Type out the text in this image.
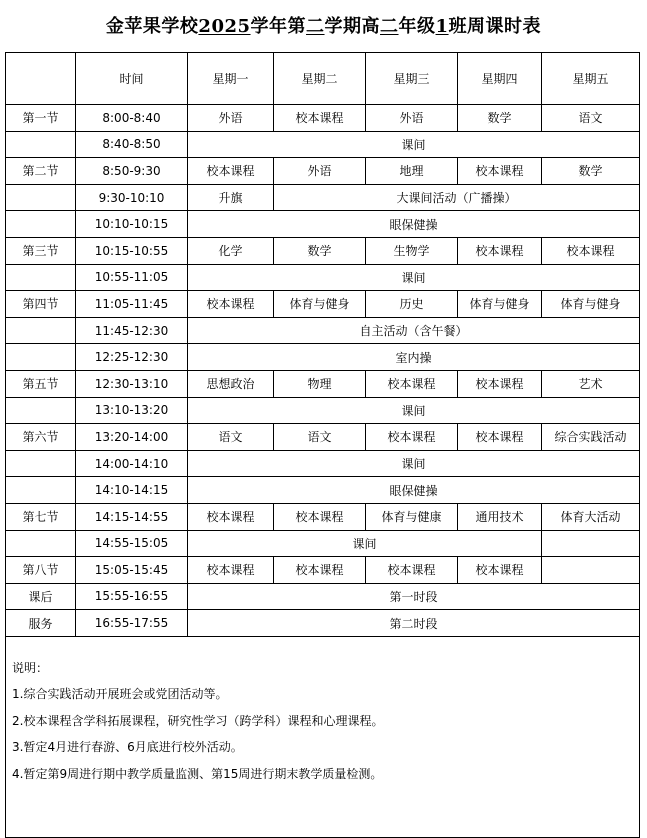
金苹果学校2025学年第二学期高二年级1班周课时表
	时间	星期一	星期二	星期三	星期四	星期五
第一节	8:00-8:40	外语	校本课程	外语	数学	语文
	8:40-8:50	课间				
第二节	8:50-9:30	校本课程	外语	地理	校本课程	数学
	9:30-10:10	升旗	大课间活动（广播操）			
	10:10-10:15	眼保健操				
第三节	10:15-10:55	化学	数学	生物学	校本课程	校本课程
	10:55-11:05	课间				
第四节	11:05-11:45	校本课程	体育与健身	历史	体育与健身	体育与健身
	11:45-12:30	自主活动（含午餐）				
	12:25-12:30	室内操				
第五节	12:30-13:10	思想政治	物理	校本课程	校本课程	艺术
	13:10-13:20	课间				
第六节	13:20-14:00	语文	语文	校本课程	校本课程	综合实践活动
	14:00-14:10	课间				
	14:10-14:15	眼保健操				
第七节	14:15-14:55	校本课程	校本课程	体育与健康	通用技术	体育大活动
	14:55-15:05	课间				
第八节	15:05-15:45	校本课程	校本课程	校本课程	校本课程	
课后	15:55-16:55	第一时段				
服务	16:55-17:55	第二时段				

说明：

1.综合实践活动开展班会或党团活动等。

2.校本课程含学科拓展课程，研究性学习（跨学科）课程和心理课程。

3.暂定4月进行春游、6月底进行校外活动。

4.暂定第9周进行期中教学质量监测、第15周进行期末教学质量检测。						
